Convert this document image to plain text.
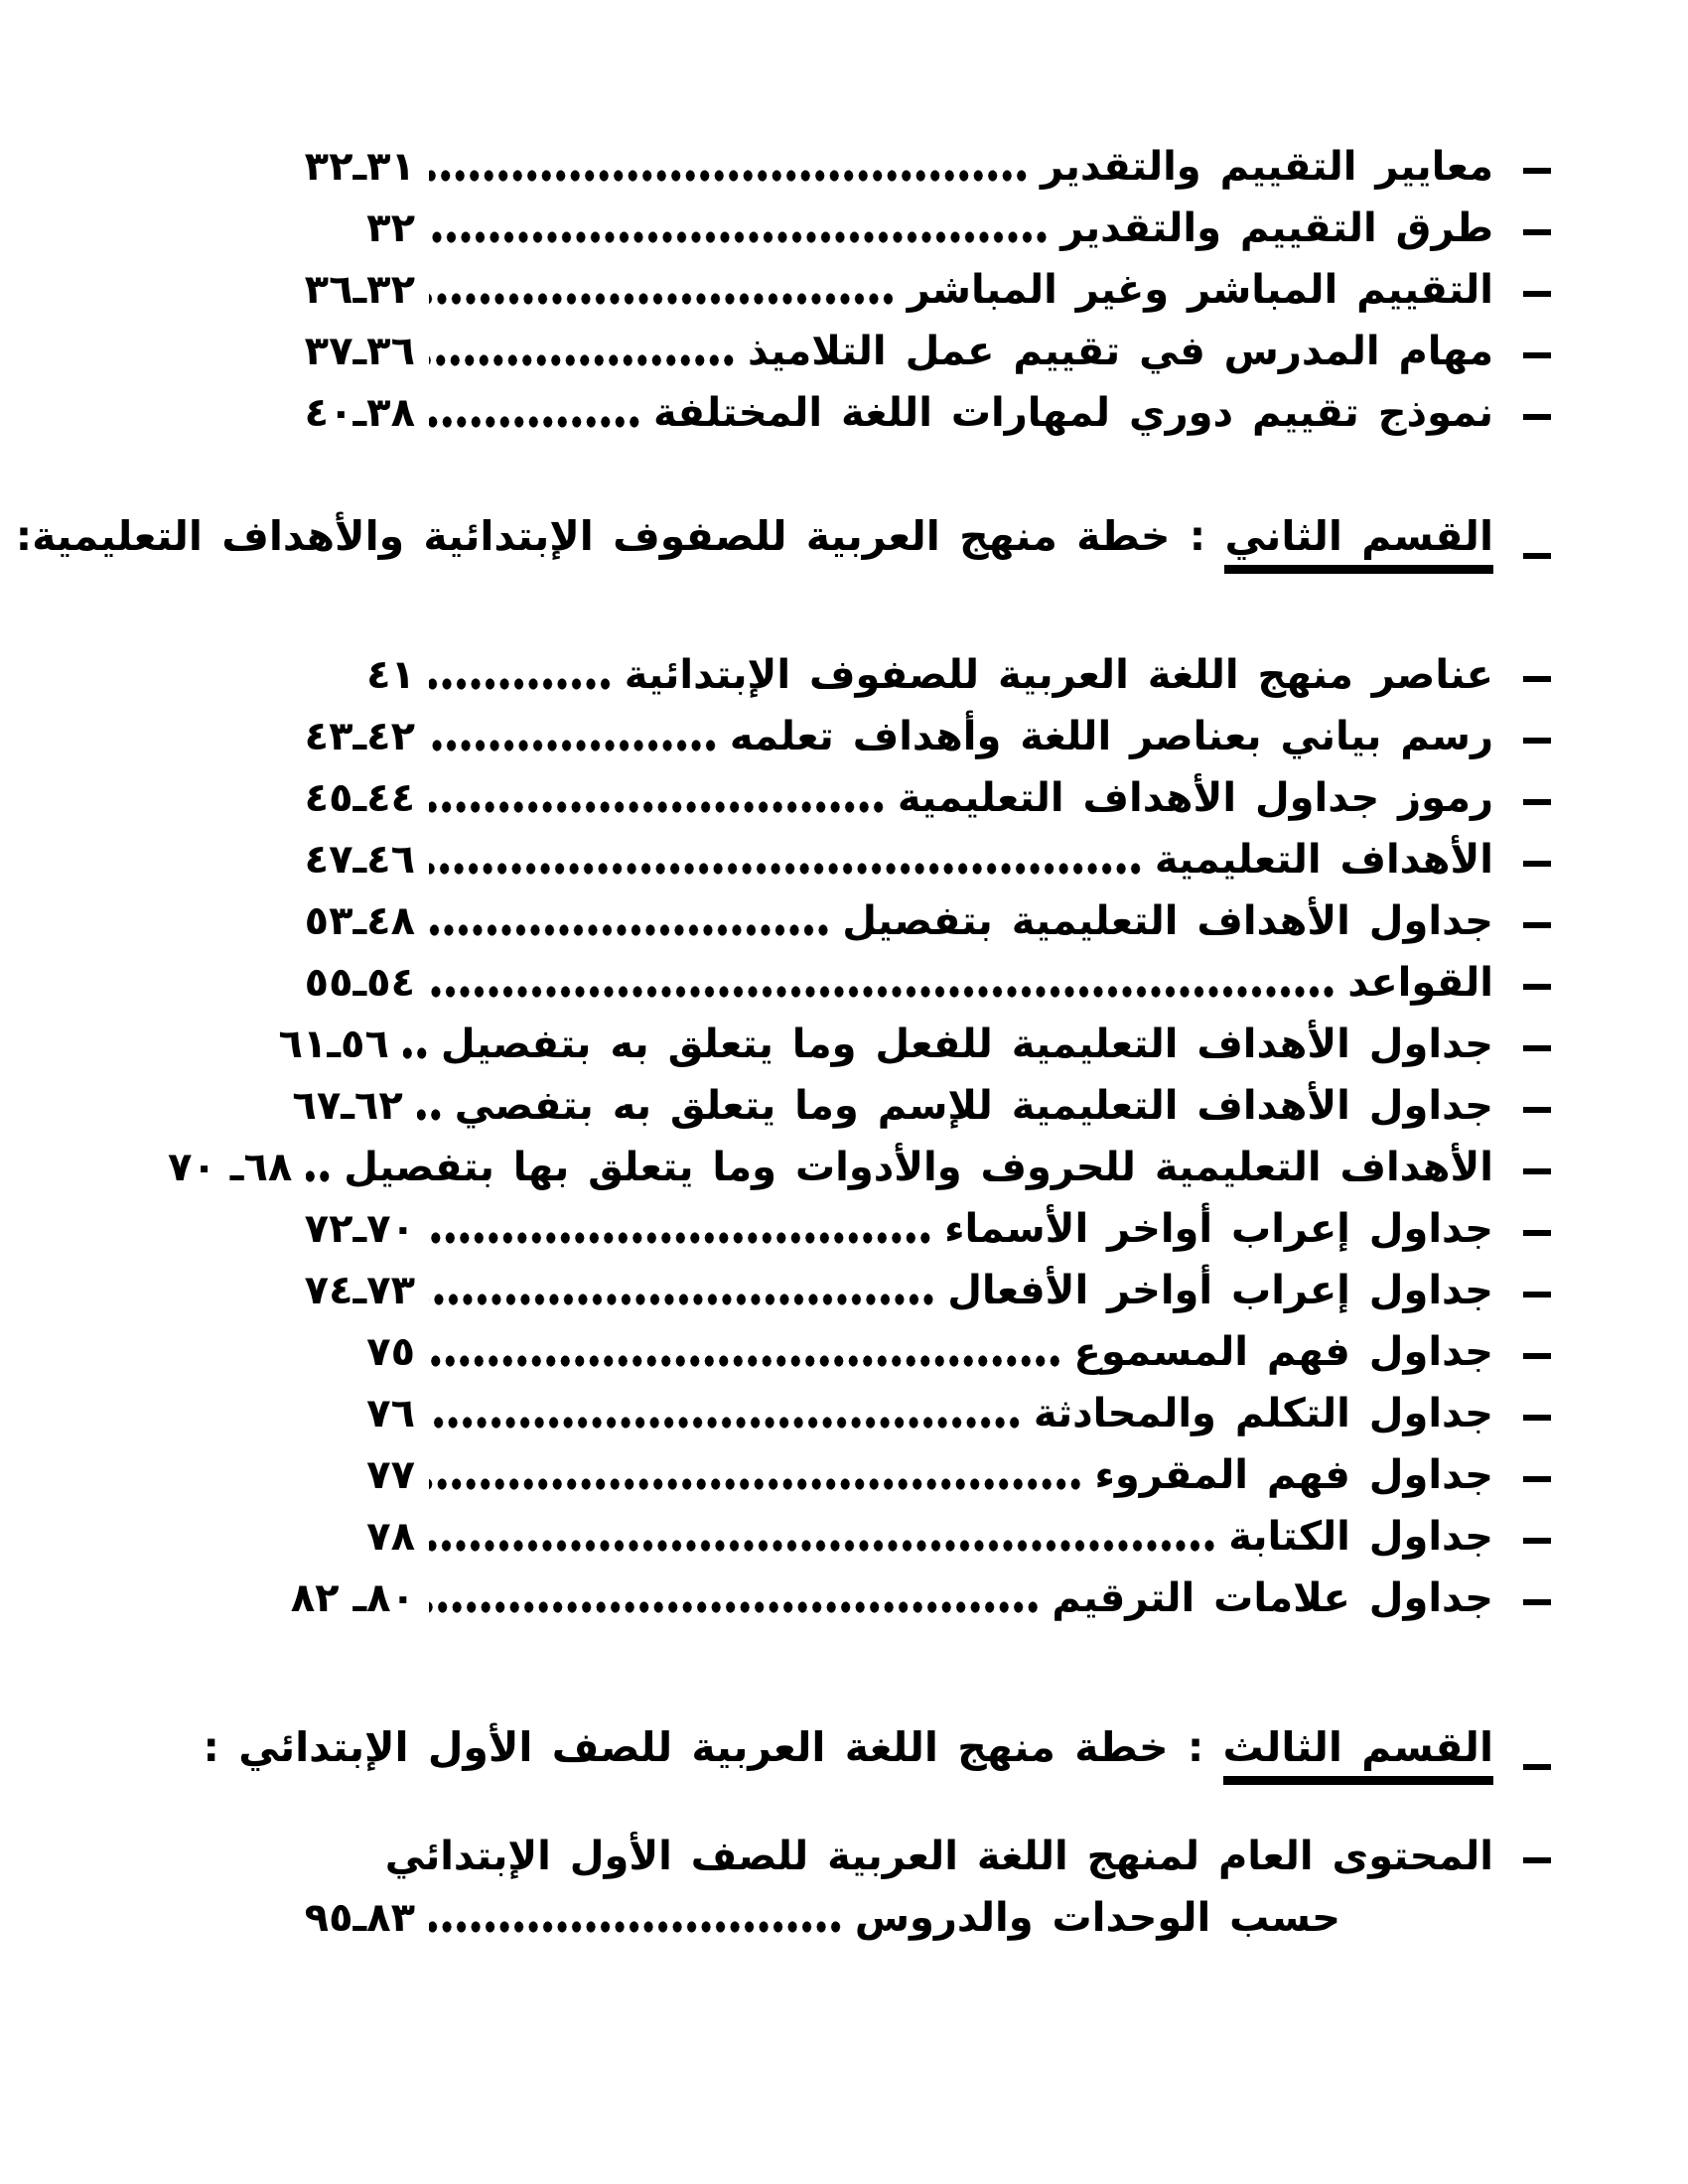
معايير التقييم والتقدير
٣١ـ٣٢
طرق التقييم والتقدير
٣٢
التقييم المباشر وغير المباشر
٣٢ـ٣٦
مهام المدرس في تقييم عمل التلاميذ
٣٦ـ٣٧
نموذج تقييم دوري لمهارات اللغة المختلفة
٣٨ـ٤٠
القسم الثاني : خطة منهج العربية للصفوف الإبتدائية والأهداف التعليمية:
عناصر منهج اللغة العربية للصفوف الإبتدائية
٤١
رسم بياني بعناصر اللغة وأهداف تعلمه
٤٢ـ٤٣
رموز جداول الأهداف التعليمية
٤٤ـ٤٥
الأهداف التعليمية
٤٦ـ٤٧
جداول الأهداف التعليمية بتفصيل
٤٨ـ٥٣
القواعد
٥٤ـ٥٥
جداول الأهداف التعليمية للفعل وما يتعلق به بتفصيل
٥٦ـ٦١
جداول الأهداف التعليمية للإسم وما يتعلق به بتفصي
٦٢ـ٦٧
الأهداف التعليمية للحروف والأدوات وما يتعلق بها بتفصيل
٦٨ـ ٧٠
جداول إعراب أواخر الأسماء
٧٠ـ٧٢
جداول إعراب أواخر الأفعال
٧٣ـ٧٤
جداول فهم المسموع
٧٥
جداول التكلم والمحادثة
٧٦
جداول فهم المقروء
٧٧
جداول الكتابة
٧٨
جداول علامات الترقيم
٨٠ـ ٨٢
القسم الثالث : خطة منهج اللغة العربية للصف الأول الإبتدائي :
المحتوى العام لمنهج اللغة العربية للصف الأول الإبتدائي
حسب الوحدات والدروس
٨٣ـ٩٥
